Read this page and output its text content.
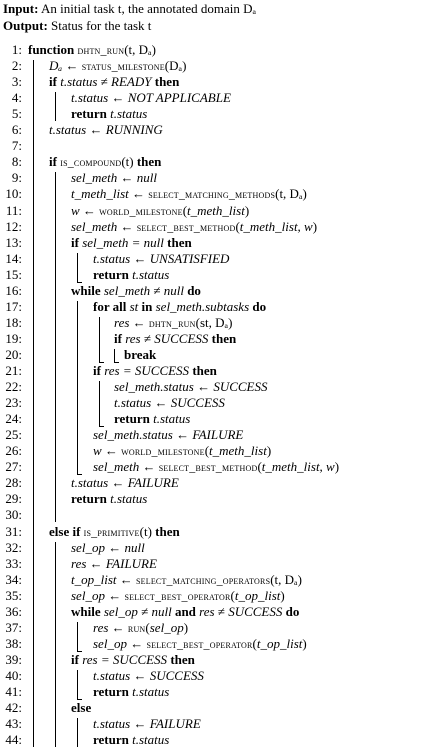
Input: An initial task t, the annotated domain Dₐ
Output: Status for the task t
1: function dhtn_run(t, Dₐ)
2: Dₐ ← status_milestone(Dₐ)
3: if t.status ≠ READY then
4:	t.status ← NOT APPLICABLE
5:	return t.status
6: t.status ← RUNNING
7:
8: if is_compound(t) then
9:	sel_meth ← null
10:	t_meth_list ← select_matching_methods(t, Dₐ)
11:	w ← world_milestone(t_meth_list)
12:	sel_meth ← select_best_method(t_meth_list, w)
13:	if sel_meth = null then
14:	t.status ← UNSATISFIED
15:	return t.status
16:	while sel_meth ≠ null do
17:	for all st in sel_meth.subtasks do
18:	res ← dhtn_run(st, Dₐ)
19:	if res ≠ SUCCESS then
20:	break
21:	if res = SUCCESS then
22:	sel_meth.status ← SUCCESS
23:	t.status ← SUCCESS
24:	return t.status
25:	sel_meth.status ← FAILURE
26:	w ← world_milestone(t_meth_list)
27:	sel_meth ← select_best_method(t_meth_list, w)
28:	t.status ← FAILURE
29:	return t.status
30:
31: else if is_primitive(t) then
32:	sel_op ← null
33:	res ← FAILURE
34:	t_op_list ← select_matching_operators(t, Dₐ)
35:	sel_op ← select_best_operator(t_op_list)
36:	while sel_op ≠ null and res ≠ SUCCESS do
37:	res ← run(sel_op)
38:	sel_op ← select_best_operator(t_op_list)
39:	if res = SUCCESS then
40:	t.status ← SUCCESS
41:	return t.status
42:	else
43:	t.status ← FAILURE
44:	return t.status
